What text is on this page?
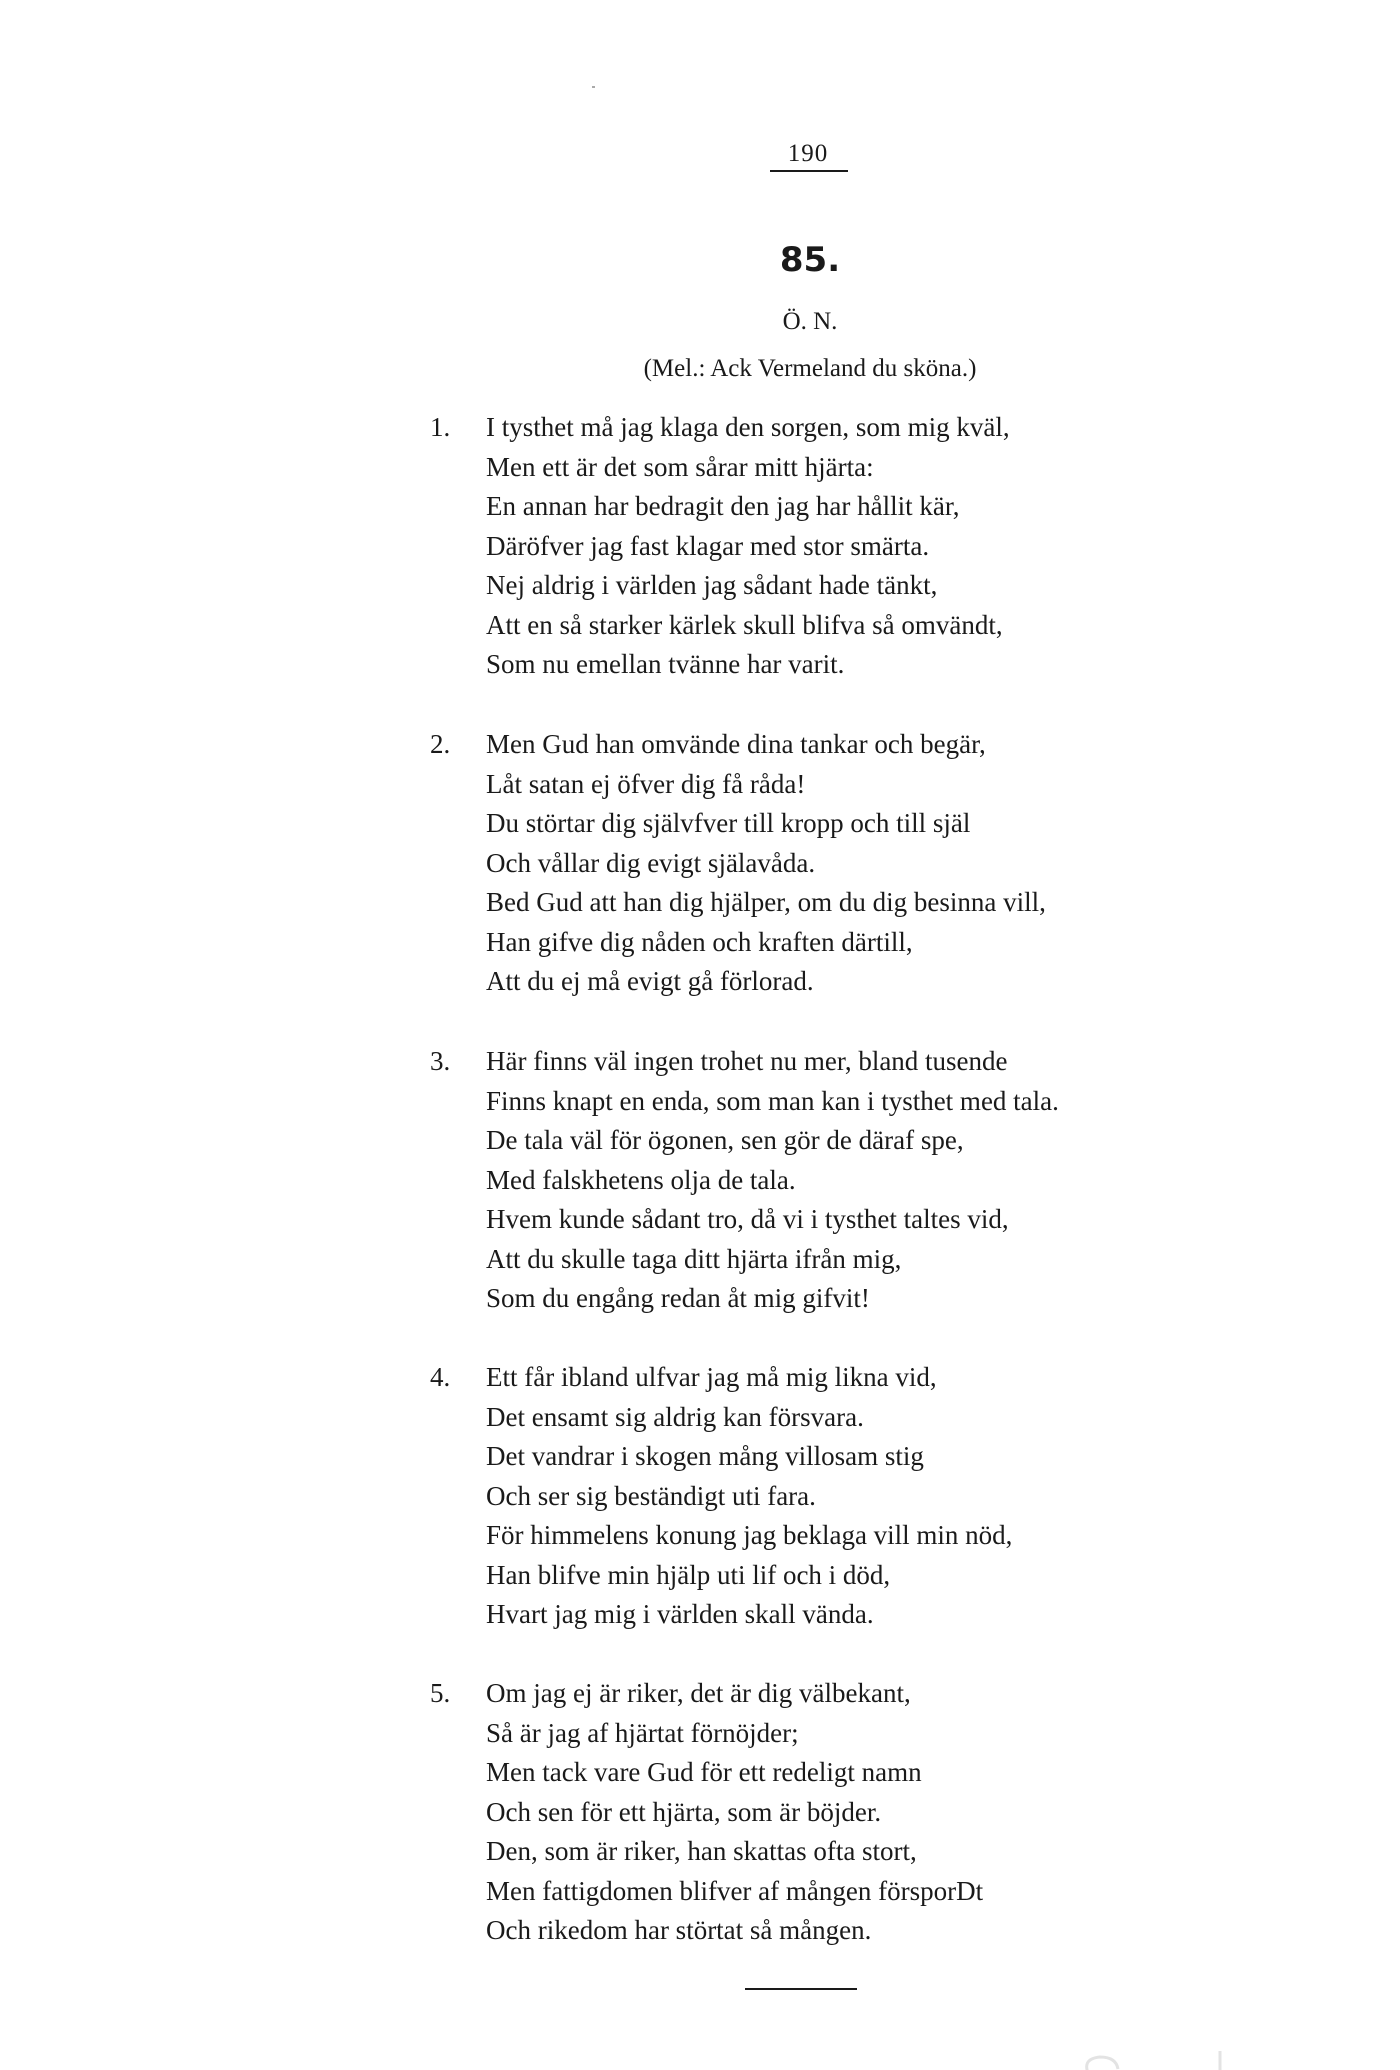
190
85.
Ö. N.
(Mel.: Ack Vermeland du sköna.)
1.	I tysthet må jag klaga den sorgen, som mig kväl,
Men ett är det som sårar mitt hjärta:
En annan har bedragit den jag har hållit kär,
Däröfver jag fast klagar med stor smärta.
Nej aldrig i världen jag sådant hade tänkt,
Att en så starker kärlek skull blifva så omvändt,
Som nu emellan tvänne har varit.
2.	Men Gud han omvände dina tankar och begär,
Låt satan ej öfver dig få råda!
Du störtar dig självfver till kropp och till själ
Och vållar dig evigt själavåda.
Bed Gud att han dig hjälper, om du dig besinna vill,
Han gifve dig nåden och kraften därtill,
Att du ej må evigt gå förlorad.
3.	Här finns väl ingen trohet nu mer, bland tusende
Finns knapt en enda, som man kan i tysthet med tala.
De tala väl för ögonen, sen gör de däraf spe,
Med falskhetens olja de tala.
Hvem kunde sådant tro, då vi i tysthet taltes vid,
Att du skulle taga ditt hjärta ifrån mig,
Som du engång redan åt mig gifvit!
4.	Ett får ibland ulfvar jag må mig likna vid,
Det ensamt sig aldrig kan försvara.
Det vandrar i skogen mång villosam stig
Och ser sig beständigt uti fara.
För himmelens konung jag beklaga vill min nöd,
Han blifve min hjälp uti lif och i död,
Hvart jag mig i världen skall vända.
5.	Om jag ej är riker, det är dig välbekant,
Så är jag af hjärtat förnöjder;
Men tack vare Gud för ett redeligt namn
Och sen för ett hjärta, som är böjder.
Den, som är riker, han skattas ofta stort,
Men fattigdomen blifver af mången försporDt
Och rikedom har störtat så mången.
